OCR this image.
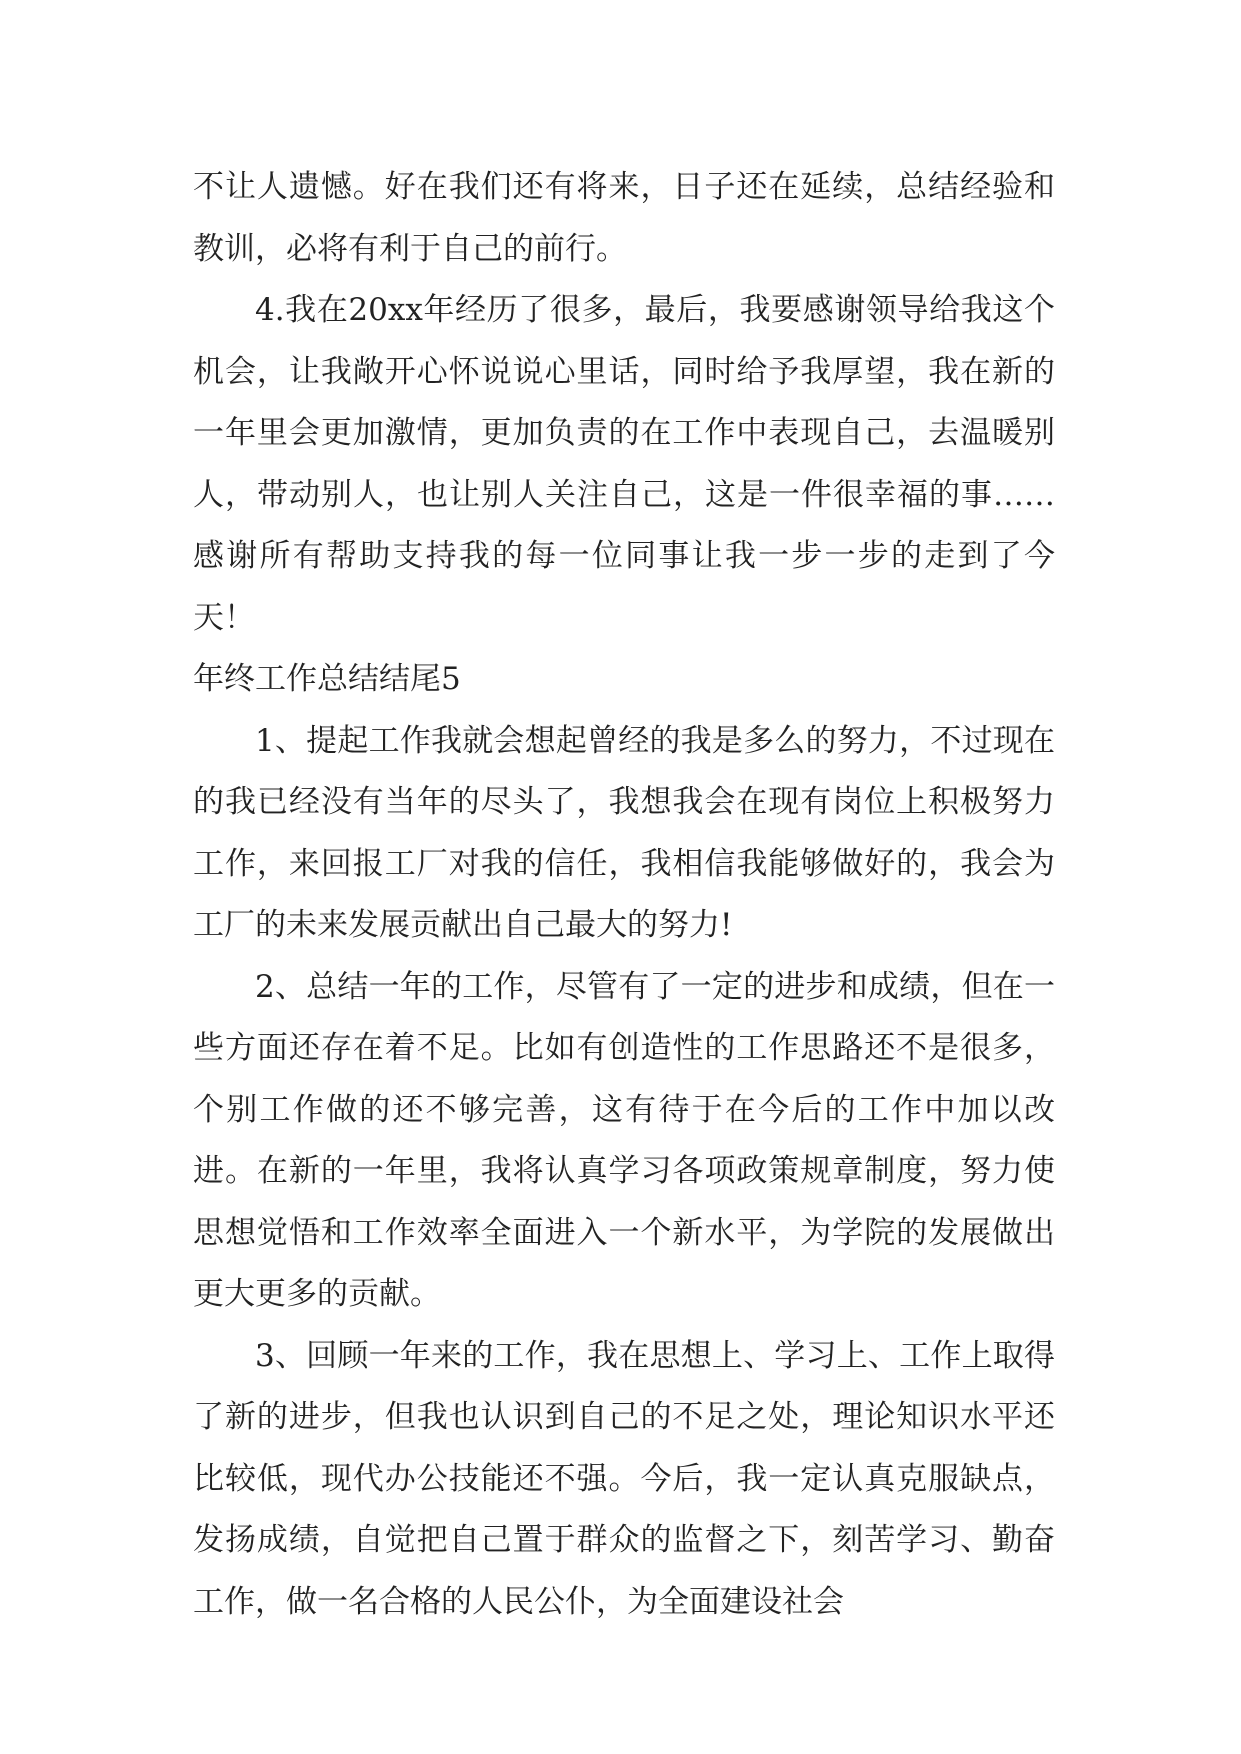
不让人遗憾。好在我们还有将来，日子还在延续，总结经验和教训，必将有利于自己的前行。

4.我在20xx年经历了很多，最后，我要感谢领导给我这个机会，让我敞开心怀说说心里话，同时给予我厚望，我在新的一年里会更加激情，更加负责的在工作中表现自己，去温暖别人，带动别人，也让别人关注自己，这是一件很幸福的事……感谢所有帮助支持我的每一位同事让我一步一步的走到了今天！

年终工作总结结尾5

1、提起工作我就会想起曾经的我是多么的努力，不过现在的我已经没有当年的尽头了，我想我会在现有岗位上积极努力工作，来回报工厂对我的信任，我相信我能够做好的，我会为工厂的未来发展贡献出自己最大的努力!

2、总结一年的工作，尽管有了一定的进步和成绩，但在一些方面还存在着不足。比如有创造性的工作思路还不是很多，个别工作做的还不够完善，这有待于在今后的工作中加以改进。在新的一年里，我将认真学习各项政策规章制度，努力使思想觉悟和工作效率全面进入一个新水平，为学院的发展做出更大更多的贡献。

3、回顾一年来的工作，我在思想上、学习上、工作上取得了新的进步，但我也认识到自己的不足之处，理论知识水平还比较低，现代办公技能还不强。今后，我一定认真克服缺点，发扬成绩，自觉把自己置于群众的监督之下，刻苦学习、勤奋工作，做一名合格的人民公仆，为全面建设社会
